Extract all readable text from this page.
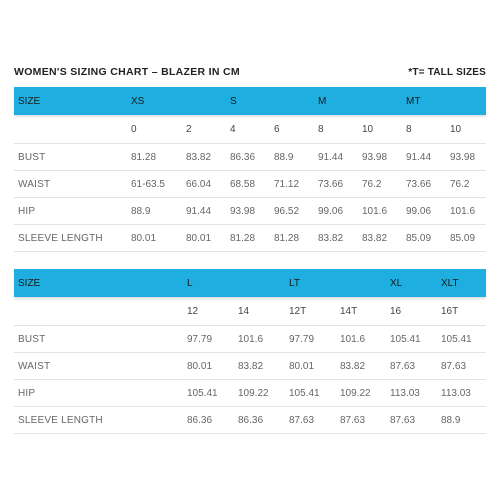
WOMEN'S SIZING CHART – BLAZER IN CM	*T= TALL SIZES
SIZE	XS		S		M		MT	
	0	2	4	6	8	10	8	10
BUST	81.28	83.82	86.36	88.9	91.44	93.98	91.44	93.98
WAIST	61-63.5	66.04	68.58	71.12	73.66	76.2	73.66	76.2
HIP	88.9	91.44	93.98	96.52	99.06	101.6	99.06	101.6
SLEEVE LENGTH	80.01	80.01	81.28	81.28	83.82	83.82	85.09	85.09
SIZE	L		LT		XL	XLT
	12	14	12T	14T	16	16T
BUST	97.79	101.6	97.79	101.6	105.41	105.41
WAIST	80.01	83.82	80.01	83.82	87.63	87.63
HIP	105.41	109.22	105.41	109.22	113.03	113.03
SLEEVE LENGTH	86.36	86.36	87.63	87.63	87.63	88.9
